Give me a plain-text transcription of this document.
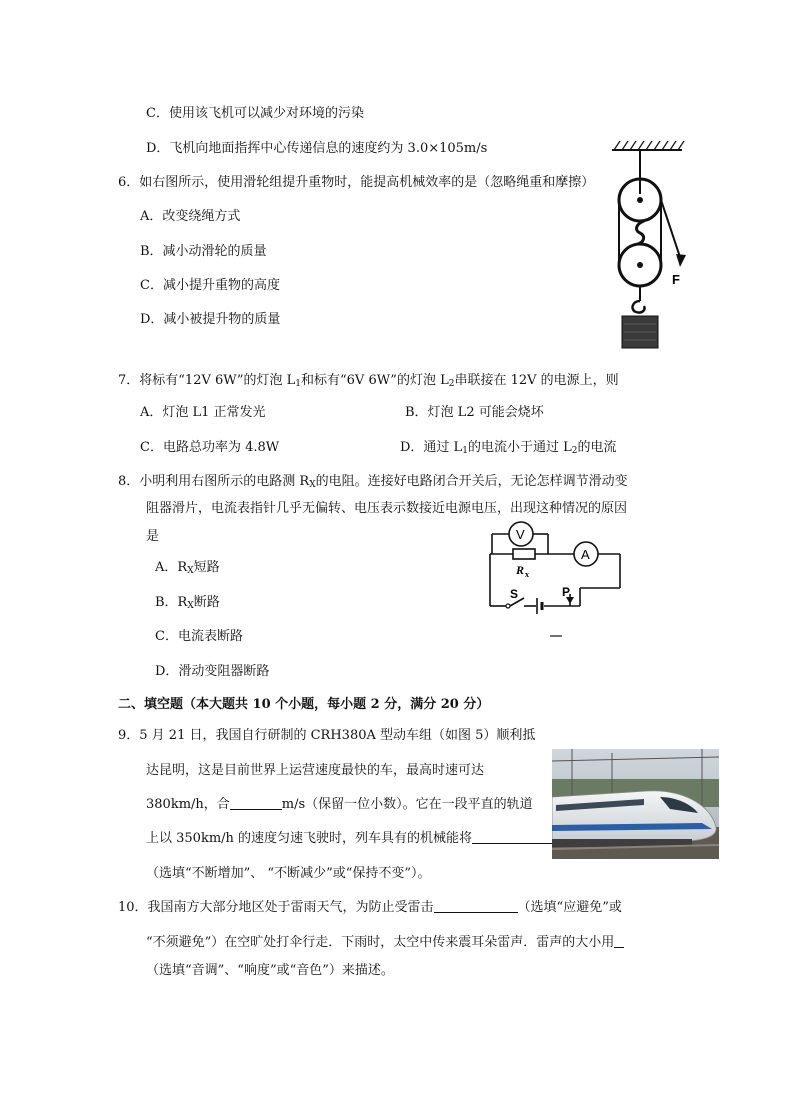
C．使用该飞机可以减少对环境的污染
D．飞机向地面指挥中心传递信息的速度约为 3.0×105m/s
6．如右图所示，使用滑轮组提升重物时，能提高机械效率的是（忽略绳重和摩擦）
A．改变绕绳方式
B．减小动滑轮的质量
C．减小提升重物的高度
D．减小被提升物的质量
F
7．将标有“12V 6W”的灯泡 $L_1$和标有“6V 6W”的灯泡 $L_2$串联接在 12V 的电源上，则
A．灯泡 L1 正常发光	B．灯泡 L2 可能会烧坏
C．电路总功率为 4.8W	D．通过 $L_1$的电流小于通过 $L_2$的电流
8．小明利用右图所示的电路测 $R_X$的电阻。连接好电路闭合开关后，无论怎样调节滑动变
阻器滑片，电流表指针几乎无偏转、电压表示数接近电源电压，出现这种情况的原因
是
A．$R_X$短路
B．$R_X$断路
C．电流表断路
D．滑动变阻器断路
V
A
R x
S	P
二、填空题（本大题共 10 个小题，每小题 2 分，满分 20 分）
9．5 月 21 日，我国自行研制的 CRH380A 型动车组（如图 5）顺利抵
达昆明，这是目前世界上运营速度最快的车，最高时速可达
380km/h，合	m/s（保留一位小数）。它在一段平直的轨道
上以 350km/h 的速度匀速飞驶时，列车具有的机械能将
（选填“不断增加”、 “不断减少”或“保持不变”）。
10．我国南方大部分地区处于雷雨天气，为防止受雷击	（选填“应避免”或
“不须避免”）在空旷处打伞行走．下雨时，太空中传来震耳朵雷声．雷声的大小用
（选填“音调”、“响度”或“音色”）来描述。
